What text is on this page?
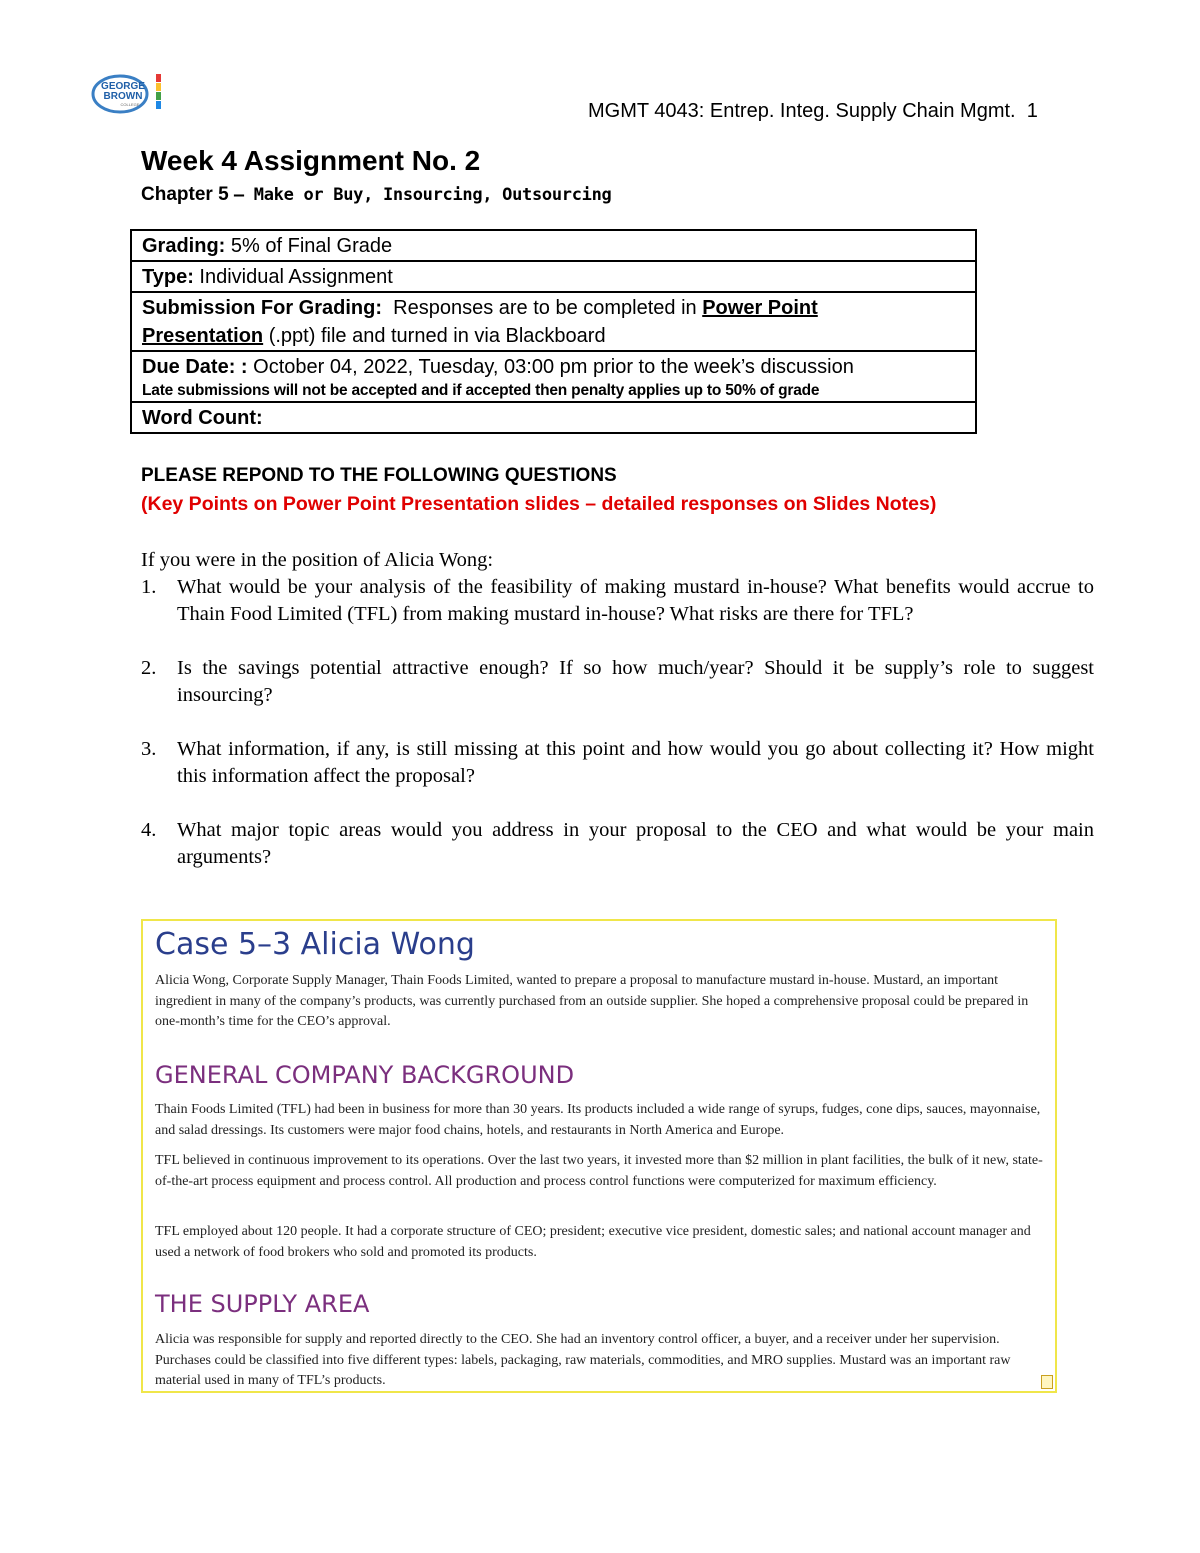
GEORGE
BROWN
COLLEGE	MGMT 4043: Entrep. Integ. Supply Chain Mgmt. 1
Week 4 Assignment No. 2
Chapter 5 – Make or Buy, Insourcing, Outsourcing
Grading: 5% of Final Grade
Type: Individual Assignment
Submission For Grading:  Responses are to be completed in Power Point
Presentation (.ppt) file and turned in via Blackboard
Due Date: : October 04, 2022, Tuesday, 03:00 pm prior to the week’s discussion
Late submissions will not be accepted and if accepted then penalty applies up to 50% of grade

Word Count:
PLEASE REPOND TO THE FOLLOWING QUESTIONS
(Key Points on Power Point Presentation slides – detailed responses on Slides Notes)
If you were in the position of Alicia Wong:
1. What would be your analysis of the feasibility of making mustard in-house? What benefits would accrue to Thain Food Limited (TFL) from making mustard in-house? What risks are there for TFL?
2. Is the savings potential attractive enough? If so how much/year? Should it be supply’s role to suggest insourcing?
3. What information, if any, is still missing at this point and how would you go about collecting it? How might this information affect the proposal?
4. What major topic areas would you address in your proposal to the CEO and what would be your main arguments?
Case 5–3 Alicia Wong
Alicia Wong, Corporate Supply Manager, Thain Foods Limited, wanted to prepare a proposal to manufacture mustard in-house. Mustard, an important ingredient in many of the company’s products, was currently purchased from an outside supplier. She hoped a comprehensive proposal could be prepared in one-month’s time for the CEO’s approval.
GENERAL COMPANY BACKGROUND
Thain Foods Limited (TFL) had been in business for more than 30 years. Its products included a wide range of syrups, fudges, cone dips, sauces, mayonnaise, and salad dressings. Its customers were major food chains, hotels, and restaurants in North America and Europe.
TFL believed in continuous improvement to its operations. Over the last two years, it invested more than $2 million in plant facilities, the bulk of it new, state-of-the-art process equipment and process control. All production and process control functions were computerized for maximum efficiency.
TFL employed about 120 people. It had a corporate structure of CEO; president; executive vice president, domestic sales; and national account manager and used a network of food brokers who sold and promoted its products.
THE SUPPLY AREA
Alicia was responsible for supply and reported directly to the CEO. She had an inventory control officer, a buyer, and a receiver under her supervision. Purchases could be classified into five different types: labels, packaging, raw materials, commodities, and MRO supplies. Mustard was an important raw material used in many of TFL’s products.
